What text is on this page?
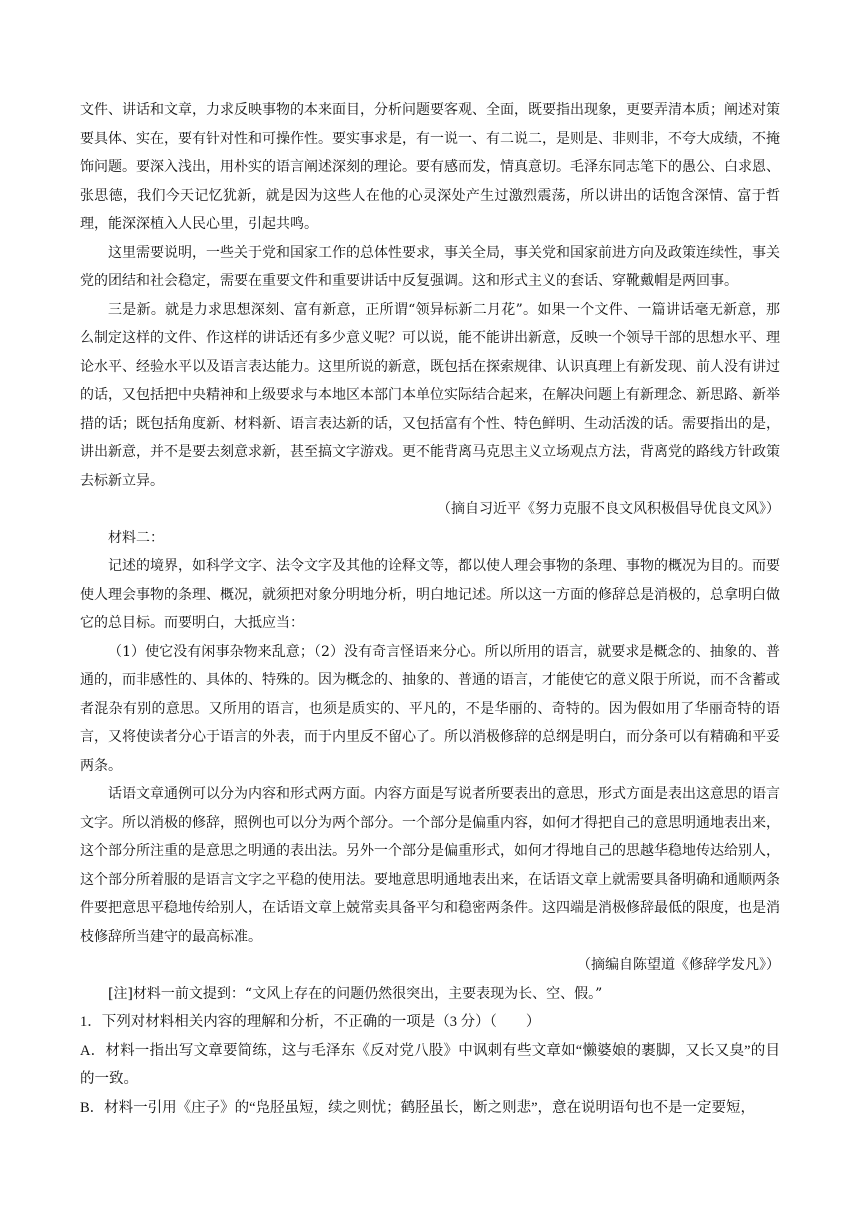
文件、讲话和文章，力求反映事物的本来面目，分析问题要客观、全面，既要指出现象，更要弄清本质；阐述对策要具体、实在，要有针对性和可操作性。要实事求是，有一说一、有二说二，是则是、非则非，不夸大成绩，不掩饰问题。要深入浅出，用朴实的语言阐述深刻的理论。要有感而发，情真意切。毛泽东同志笔下的愚公、白求恩、张思德，我们今天记忆犹新，就是因为这些人在他的心灵深处产生过激烈震荡，所以讲出的话饱含深情、富于哲理，能深深植入人民心里，引起共鸣。

这里需要说明，一些关于党和国家工作的总体性要求，事关全局，事关党和国家前进方向及政策连续性，事关党的团结和社会稳定，需要在重要文件和重要讲话中反复强调。这和形式主义的套话、穿靴戴帽是两回事。

三是新。就是力求思想深刻、富有新意，正所谓“领异标新二月花”。如果一个文件、一篇讲话毫无新意，那么制定这样的文件、作这样的讲话还有多少意义呢？可以说，能不能讲出新意，反映一个领导干部的思想水平、理论水平、经验水平以及语言表达能力。这里所说的新意，既包括在探索规律、认识真理上有新发现、前人没有讲过的话，又包括把中央精神和上级要求与本地区本部门本单位实际结合起来，在解决问题上有新理念、新思路、新举措的话；既包括角度新、材料新、语言表达新的话，又包括富有个性、特色鲜明、生动活泼的话。需要指出的是，讲出新意，并不是要去刻意求新，甚至搞文字游戏。更不能背离马克思主义立场观点方法，背离党的路线方针政策去标新立异。

（摘自习近平《努力克服不良文风积极倡导优良文风》）

材料二：

记述的境界，如科学文字、法令文字及其他的诠释文等，都以使人理会事物的条理、事物的概况为目的。而要使人理会事物的条理、概况，就须把对象分明地分析，明白地记述。所以这一方面的修辞总是消极的，总拿明白做它的总目标。而要明白，大抵应当：

（1）使它没有闲事杂物来乱意；（2）没有奇言怪语来分心。所以所用的语言，就要求是概念的、抽象的、普通的，而非感性的、具体的、特殊的。因为概念的、抽象的、普通的语言，才能使它的意义限于所说，而不含蓄或者混杂有别的意思。又所用的语言，也须是质实的、平凡的，不是华丽的、奇特的。因为假如用了华丽奇特的语言，又将使读者分心于语言的外表，而于内里反不留心了。所以消极修辞的总纲是明白，而分条可以有精确和平妥两条。

话语文章通例可以分为内容和形式两方面。内容方面是写说者所要表出的意思，形式方面是表出这意思的语言文字。所以消极的修辞，照例也可以分为两个部分。一个部分是偏重内容，如何才得把自己的意思明通地表出来，这个部分所注重的是意思之明通的表出法。另外一个部分是偏重形式，如何才得地自己的思越华稳地传达给别人，这个部分所着服的是语言文字之平稳的使用法。要地意思明通地表出来，在话语文章上就需要具备明确和通顺两条件要把意思平稳地传给别人，在话语文章上兢常卖具备平匀和稳密两条件。这四端是消极修辞最低的限度，也是消枝修辞所当建守的最高标准。

（摘编自陈望道《修辞学发凡》）

[注]材料一前文提到：“文风上存在的问题仍然很突出，主要表现为长、空、假。”

1．下列对材料相关内容的理解和分析，不正确的一项是（3 分）（　　）

A．材料一指出写文章要简练，这与毛泽东《反对党八股》中讽刺有些文章如“懒婆娘的裹脚，又长又臭”的目的一致。

B．材料一引用《庄子》的“凫胫虽短，续之则忧；鹤胫虽长，断之则悲”，意在说明语句也不是一定要短，
